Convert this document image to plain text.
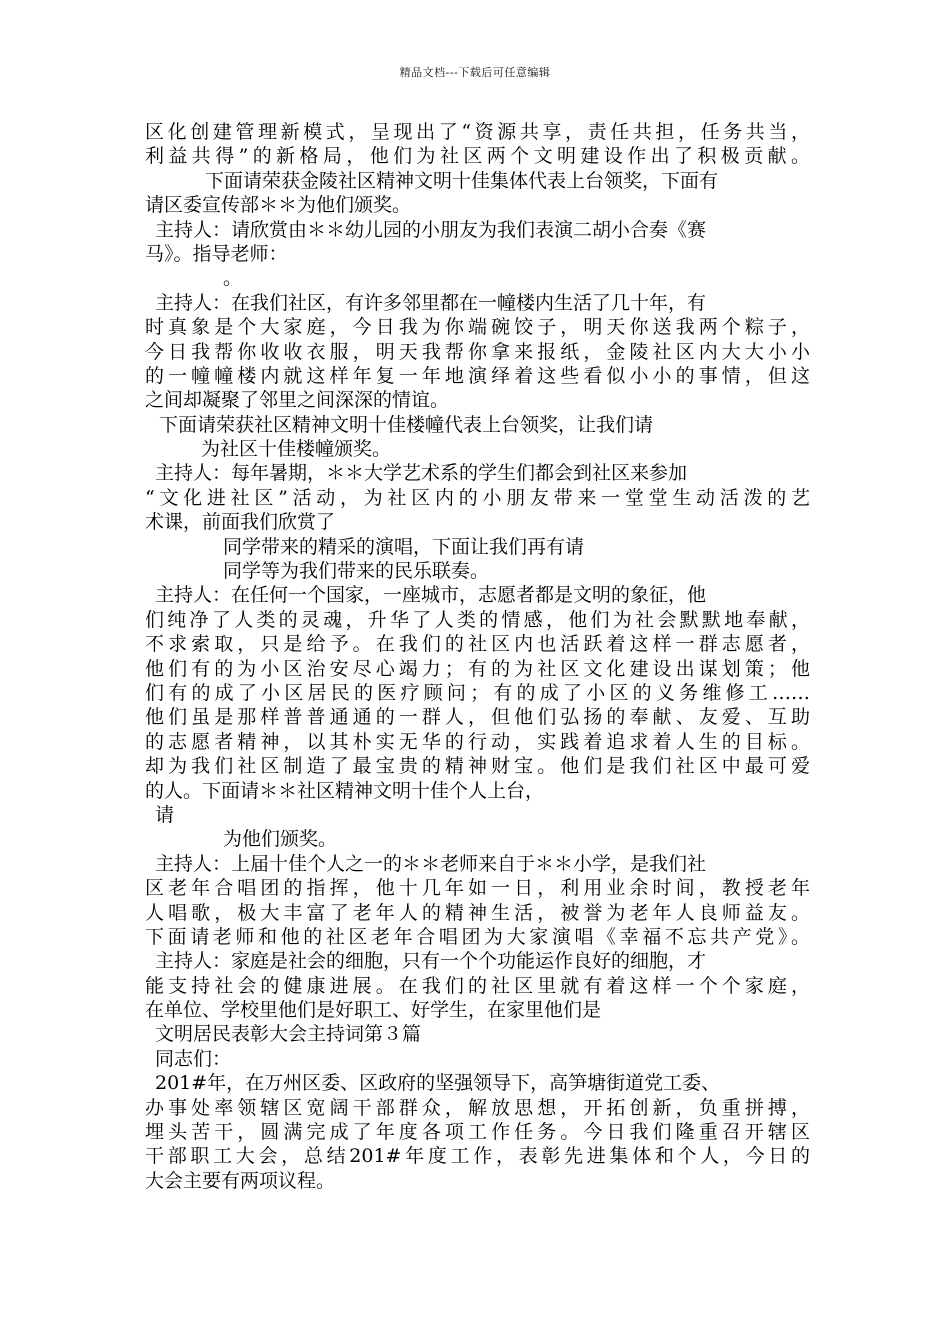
精品文档---下载后可任意编辑
区化创建管理新模式，呈现出了“资源共享，责任共担，任务共当，
利益共得”的新格局，他们为社区两个文明建设作出了积极贡献。
下面请荣获金陵社区精神文明十佳集体代表上台领奖，下面有
请区委宣传部＊＊为他们颁奖。
主持人：请欣赏由＊＊幼儿园的小朋友为我们表演二胡小合奏《赛
马》。指导老师：
。
主持人：在我们社区，有许多邻里都在一幢楼内生活了几十年，有
时真象是个大家庭，今日我为你端碗饺子，明天你送我两个粽子，
今日我帮你收收衣服，明天我帮你拿来报纸，金陵社区内大大小小
的一幢幢楼内就这样年复一年地演绎着这些看似小小的事情，但这
之间却凝聚了邻里之间深深的情谊。
下面请荣获社区精神文明十佳楼幢代表上台领奖，让我们请
为社区十佳楼幢颁奖。
主持人：每年暑期，＊＊大学艺术系的学生们都会到社区来参加
“文化进社区”活动，为社区内的小朋友带来一堂堂生动活泼的艺
术课，前面我们欣赏了
同学带来的精采的演唱，下面让我们再有请
同学等为我们带来的民乐联奏。
主持人：在任何一个国家，一座城市，志愿者都是文明的象征，他
们纯净了人类的灵魂，升华了人类的情感，他们为社会默默地奉献，
不求索取，只是给予。在我们的社区内也活跃着这样一群志愿者，
他们有的为小区治安尽心竭力；有的为社区文化建设出谋划策；他
们有的成了小区居民的医疗顾问；有的成了小区的义务维修工……
他们虽是那样普普通通的一群人，但他们弘扬的奉献、友爱、互助
的志愿者精神，以其朴实无华的行动，实践着追求着人生的目标。
却为我们社区制造了最宝贵的精神财宝。他们是我们社区中最可爱
的人。下面请＊＊社区精神文明十佳个人上台，
请
为他们颁奖。
主持人：上届十佳个人之一的＊＊老师来自于＊＊小学，是我们社
区老年合唱团的指挥，他十几年如一日，利用业余时间，教授老年
人唱歌，极大丰富了老年人的精神生活，被誉为老年人良师益友。
下面请老师和他的社区老年合唱团为大家演唱《幸福不忘共产党》。
主持人：家庭是社会的细胞，只有一个个功能运作良好的细胞，才
能支持社会的健康进展。在我们的社区里就有着这样一个个家庭，
在单位、学校里他们是好职工、好学生，在家里他们是
文明居民表彰大会主持词第３篇
同志们：
201#年，在万州区委、区政府的坚强领导下，高笋塘街道党工委、
办事处率领辖区宽阔干部群众，解放思想，开拓创新，负重拼搏，
埋头苦干，圆满完成了年度各项工作任务。今日我们隆重召开辖区
干部职工大会，总结201#年度工作，表彰先进集体和个人，今日的
大会主要有两项议程。
